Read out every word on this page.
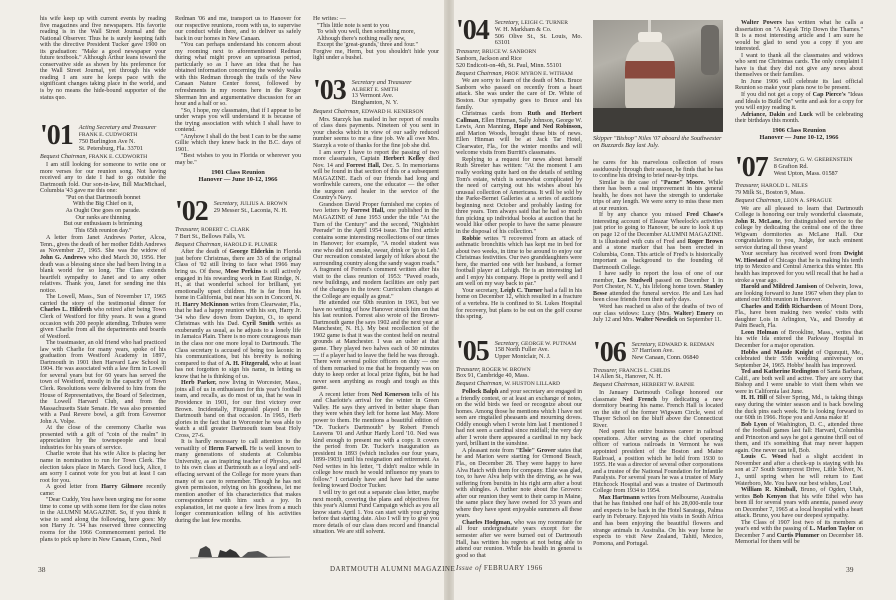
his wife keep up with current events by reading five magazines and five newspapers. His favorite reading is in the Wall Street Journal and the National Observer. Thus he is surely keeping faith with the directive President Tucker gave 1900 on its graduation: "Make a good newspaper your future textbook." Although Arthur leans toward the conservative side as shown by his preference for the Wall Street Journal, yet through his wide reading I am sure he keeps pace with the significant changes taking place in the world, and is by no means the hide-bound supporter of the status quo.

'01 Acting Secretary and Treasurer
FRANK E. CUDWORTH
750 Burlington Ave N.
St. Petersburg, Fla. 33701
Bequest Chairman, FRANK E. CUDWORTH

I am still looking for someone to write one or more verses for our reunion song. Not having received any to date I had to go outside the Dartmouth fold. Our son-in-law, Bill MacMichael, Columbia '43 gave me this one:

"Put on that Dartmouth bonnet
With the Big Chief on it,
As Ought One goes on parade.
Our ranks are thinning
But our enthusiasm is brimming
This 65th reunion day."

A letter from Janet Andrews Porter, Alcoa, Tenn., gives the death of her mother Edith Andrews as November 27, 1965. She was the widow of John G. Andrews who died March 30, 1956. Her death was a blessing since she had been living in a blank world for so long. The Class extends heartfelt sympathy to Janet and to any other relatives. Thank you, Janet for sending me this notice.

The Lowell, Mass., Sun of November 17, 1965 carried the story of the testimonial dinner for Charles L. Hildreth who retired after being Town Clerk of Westford for fifty years. It was a grand occasion with 200 people attending. Tributes were given Charlie from all the departments and boards of Westford.

The toastmaster, an old friend who had practiced law with Charlie for many years, spoke of his graduation from Westford Academy in 1897, Dartmouth in 1901 then Harvard Law School in 1904. He was associated with a law firm in Lowell for several years but for 60 years has served the town of Westford, mostly in the capacity of Town Clerk. Resolutions were delivered to him from the House of Representatives, the Board of Selectmen, the Lowell Harvard Club, and from the Massachusetts State Senate. He was also presented with a Paul Revere bowl, a gift from Governor John A. Volpe.

At the close of the ceremony Charlie was presented with a gift of "coin of the realm" in appreciation by the townspeople and local industries for his years of service.

Charlie wrote that his wife Alice is placing her name in nomination to run for Town Clerk. The election takes place in March. Good luck, Alice, I am sorry I cannot vote for you but at least I can root for you.

A good letter from Harry Gilmore recently came:

"Dear Cuddy, You have been urging me for some time to come up with some item for the class notes in the ALUMNI MAGAZINE. So, if you think it wise to send along the following, here goes: My son Harry Jr. '34 has reserved three connecting rooms for the 1966 Commencement period. He plans to pick up here in New Canaan, Conn., Ned

Redman '06 and me, transport us to Hanover for our respective reunions, room with us, to supervise our conduct while there, and to deliver us safely back in our homes in New Canaan.

"You can perhaps understand his concern about my rooming next to aforementioned Redman during what might prove an uproarious period, particularly so as I have an idea that he has obtained information concerning the weekly walks with this Redman through the trails of the New Canaan Nature Center forest, followed by refreshments in my rooms here in the Roger Sherman Inn and argumentative discussion for an hour and a half or so.

"So, I hope, my classmates, that if I appear to be under wraps you will understand it is because of the trying association with which I shall have to contend.

"Anyhow I shall do the best I can to be the same Gillie which they knew back in the B.C. days of 1901.

"Best wishes to you in Florida or wherever you may be."

1901 Class Reunion
Hanover — June 10-12, 1966
'02 Secretary, JULIUS A. BROWN
29 Messer St., Laconia, N. H.
Treasurer, ROBERT C. CLARK
7 Burt St., Bellows Falls, Vt.
Bequest Chairman, HAROLD E. PLUMER

After the death of George Elderkin in Florida just before Christmas, there are 33 of the original Class of '02 still living to face what 1966 may bring us. Of these, Mose Perkins is still actively engaged in his rewarding work in East Rindge, N. H., at that wonderful school for brilliant, yet emotionally upset children. He is far from his home in California, but near his son in Concord, N. H. Harry McKinnon writes from Clearwater, Fla., that he had a happy reunion with his son, Harry Jr. '34 who flew down from Dayton, O., to spend Christmas with his Dad. Cyril Smith writes as exuberantly as usual, as he adjusts to a lonely life in Jamaica Plain. There is no more courageous man in the class nor one more loyal to Dartmouth. The Class secretary is accused of being too laconic in his communications, but his brevity is nothing compared to that of A. H. Fitzgerald, who at least has not forgotten to sign his name, in letting us know that he is thinking of us.

Herb Parker, now living in Worcester, Mass., joins all of us in enthusiasm for this year's football team, and recalls, as do most of us, that he was in Providence in 1901, for our first victory over Brown. Incidentally, Fitzgerald played in the Dartmouth band on that occasion. In 1965, Herb glories in the fact that in Worcester he was able to watch a still greater Dartmouth team beat Holy Cross, 27-6.

It is hardly necessary to call attention to the versatility of Herm Farwell. He is well known to many generations of students at Columbia University, as an inspiring teacher of Physics, and to his own class at Dartmouth as a loyal and self-effacing servant of the College for more years than many of us care to remember. Though he has not given permission, relying on his goodness, let me mention another of his characteristics that makes correspondence with him such a joy. In explanation, let me quote a few lines from a much longer communication telling of his activities during the last few months.

He writes: —

"This little note is sent to you
To wish you well, then something more,
Although there's nothing really new,
Except the 'great-grands,' three and four."

Forgive me, Herm, but you shouldn't hide your light under a bushel.

'03 Secretary and Treasurer
ALBERT E. SMITH
13 Vermont Ave.
Binghamton, N. Y.
Bequest Chairman, EDWARD H. KENERSON

Mrs. Starzyk has mailed in her report of results of class dues payments. Nineteen of you sent in your checks which in view of our sadly reduced number seems to me a fine job. We all owe Mrs. Starzyk a vote of thanks for the fine job she did.

I am sorry I have to report the passing of two more classmates, Captain Herbert Kelley died Nov. 14 and Forrest Hall, Dec. 5. In memoriams will be found in that section of this or a subsequent MAGAZINE. Each of our friends had long and worthwhile careers, one the educator — the other the surgeon and healer in the service of the Country's Navy.

Grandson David Proper furnished me copies of two letters by Forrest Hall, one published in the MAGAZINE of June 1953 under the title "At the Turn of the Century" and the second, "Nightshirt Peerade" in the April 1954 issue. The first article contains some interesting recollections of our times in Hanover; for example, "A model student was one who did not smoke, swear, drink or 'go to Leb.' Our recreation consisted largely of hikes about the surrounding country along the sandy wagon roads." A fragment of Forrest's comment written after his visit to the class reunion of 1953: "Paved roads, new buildings, and modern facilities are only part of the changes in the town: Curriculum changes at the College are equally as great."

He attended our 60th reunion in 1963, but we have no writing of how Hanover struck him on that his last reunion. Forrest also wrote of the Brown-Dartmouth game (he says 1902 and the next year at Manchester, N. H.). My best recollection of the 1902 game is that it was the contest held on neutral grounds at Manchester. I was an usher at that game. They played two halves each of 30 minutes — if a player had to leave the field he was through. There were several police officers on duty — one of them remarked to me that he frequently was on duty to keep order at local prize fights, but he had never seen anything as rough and tough as this game.

A recent letter from Ned Kenerson tells of his and Charlotte's arrival for the winter in Green Valley. He says they arrived in better shape than they were when they left for home last May. More power to them. He mentions a beautiful edition of "Dr. Tucker's Dartmouth" by Robert French Leavens '01 and Arthur Hardy Lord '10. Ned was kind enough to present me with a copy. It covers the period from Dr. Tucker's inauguration as president in 1893 (which includes our four years, 1899-1903) until his resignation and retirement. As Ned writes in his letter, "I didn't realize while in college how much he would influence my years to follow." I certainly have and have had the same feeling toward Doctor Tucker.

I will try to get out a separate class letter, maybe next month, covering the plans and objectives for this year's Alumni Fund Campaign which as you all know starts April 1. You can start with your giving before that starting date. Also I will try to give you more details of our class dues record and financial situation. We are still solvent.

38	DARTMOUTH ALUMNI MAGAZINE
'04 Secretary, LEIGH C. TURNER
W. H. Markham & Co.
506 Olive St., St. Louis, Mo. 63101
Treasurer, BRUCE W. SANBORN
Sanborn, Jackson and Rice
520 Endicott-on-4th, St. Paul, Minn. 55101
Bequest Chairman, PROF. MYRON E. WITHAM

We are sorry to learn of the death of Mrs. Bruce Sanborn who passed on recently from a heart attack. She was under the care of Dr. White of Boston. Our sympathy goes to Bruce and his family.

Christmas cards from Ruth and Herbert Callman, Ellen Hinman, Sally Johnson, George W. Lewis, Ann Manning, Hope and Ned Robinson, and Marion Woods, brought these bits of news. Ellen Hinman will be at Jack Tar Hotel, Clearwater, Fla., for the winter months and will welcome visits from Burritt's classmates.

Replying to a request for news about herself Ruth Streeter has written: "At the moment I am really working quite hard on the details of settling Tom's estate, which is somewhat complicated by the need of carrying out his wishes about his unusual collection of Americana. It will be sold by the Parke-Bernet Galleries at a series of auctions beginning next October and probably lasting for three years. Tom always said that he had so much fun picking up individual books at auction that he would like other people to have the same pleasure in the disposal of his collection."

Robbie writes "I recovered from an attack of asthmatic bronchitis which has kept me in bed for about two weeks, in time to be around to enjoy our Christmas festivities. Our two granddaughters were here, the married one with her husband, a former football player at Lehigh. He is an interesting lad and I enjoy his company. Hope is pretty well and I am well on my way back to par."

Your secretary, Leigh C. Turner had a fall in his home on December 12, which resulted in a fracture of a vertebra. He is confined to St. Lukes Hospital for recovery, but plans to be out on the golf course this spring.

'05 Secretary, GEORGE W. PUTNAM
158 North Fuller Ave.
Upper Montclair, N. J.
Treasurer, ROGER W. BROWN
Box 91, Cambridge 40, Mass.
Bequest Chairman, W. HUSTON LILLARD

Pollock Balph and your secretary are engaged in a friendly contest, or at least an exchange of notes, on the wild birds we feed or recognize about our homes. Among those he mentions which I have not seen are ringtailed pheasants and mourning doves. Oddly enough when I wrote him last I mentioned I had not seen a cardinal since midfall; the very day after I wrote there appeared a cardinal in my back yard, brilliant in the sunshine.

A pleasant note from "Elsie" Grover states that he and Marion were starting for Ormond Beach, Fla., on December 28. They were happy to have Alva Hatch with them for company. Elsie was glad, too, to have Alva help with the driving, as he was suffering from bursitis in his right arm after a bout with shingles. A further note about the Grovers: after our reunion they went to their camp in Maine, the same place they have owned for 33 years and where they have spent enjoyable summers all these years.

Charles Hodgman, who was my roommate for all four undergraduate years except for the semester after we were burned out of Dartmouth Hall, has written his regrets at not being able to attend our reunion. While his health in general is good so that

Issue of FEBRUARY 1966
Skipper "Bishop" Niles '07 aboard the Southwester on Buzzards Bay last July.

he cares for his marvelous collection of roses assiduously through their season, he finds that he has to confine his driving to brief near-by trips.

Similar is the case of "Pacne" Moore. While there has been a real improvement in his general health, he does not have the strength to undertake trips of any length. We were sorry to miss these men at our reunion.

If by any chance you missed Fred Chase's interesting account of Eleazar Wheelock's activities just prior to going to Hanover, be sure to look it up on page 12 of the December ALUMNI MAGAZINE. It is illustrated with cuts of Fred and Roger Brown and a stone marker that has been erected in Columbia, Conn. This article of Fred's is historically important as background to the founding of Dartmouth College.

I have sadly to report the loss of one of our member, Les Studwell passed on December 1 in Port Chester, N. Y., his lifelong home town. Stanley Besse attended the funeral service. He and Les had been close friends from their early days.

Word has reached us also of the deaths of two of our class widows: Lucy (Mrs. Walter) Emery on July 12 and Mrs. Walter Newdick on September 11.

'06 Secretary, EDWARD R. REDMAN
37 Harrison Ave.
New Canaan, Conn. 06840
Treasurer, FRANCIS L. CHILDS
14 Allen St., Hanover, N. H.
Bequest Chairman, HERBERT W. BAINIE

In January Dartmouth College honored our classmate Ned French by dedicating a new dormitory bearing his name. French Hall is located on the site of the former Wigwam Circle, west of Thayer School on the bluff above the Connecticut River.

Ned spent his entire business career in railroad operations. After serving as the chief operating officer of various railroads in Vermont he was appointed president of the Boston and Maine Railroad, a position which he held from 1930 to 1955. He was a director of several other corporations and a trustee of the National Foundation for Infantile Paralysis. For several years he was a trustee of Mary Hitchcock Hospital and was a trustee of Dartmouth College from 1934 to 1954.

Max Hartmann writes from Melbourne, Australia that he has finished one half of his 28,000-mile tour and expects to be back in the Hotel Saratoga, Palma early in February. Enjoyed his visits in South Africa and has been enjoying the beautiful flowers and strange animals in Australia. On his way home he expects to visit New Zealand, Tahiti, Mexico, Pomona, and Portugal.

Walter Powers has written what he calls a dissertation on "A Kayak Trip Down the Thames." It is a most interesting article and I am sure he would be glad to send you a copy if you are interested.

I want to thank all the classmates and widows who sent me Christmas cards. The only complaint I have is that they did not give any news about themselves or their families.

In June 1906 will celebrate its last official Reunion so make your plans now to be present.

If you did not get a copy of Cap Pierce's "Ideas and Ideals to Build On" write and ask for a copy for you will enjoy reading it.

Adriance, Dakin and Luck will be celebrating their birthdays this month.

1906 Class Reunion
Hanover — June 10-12, 1966
'07 Secretary, G. W. GREBENSTEIN
8 Grafton Rd.
West Upton, Mass. 01587
Treasurer, HAROLD L. NILES
79 Milk St., Boston 9, Mass.
Bequest Chairman, LEON A. SPRAGUE

We are all pleased to learn that Dartmouth College is honoring our truly wonderful classmate, John R. McLane, for distinguished service to the college by dedicating the central one of the three Wigwam dormitories as McLane Hall. Our congratulations to you, Judge, for such eminent service during all these years!

Your secretary has received word from Dwight W. Hiestand of Chicago that he is making his tenth trip to Mexico and Central America this winter. His health has improved for you will recall that he had a stroke a year ago.

Harold and Mildred Jamison of Oelwein, Iowa, are looking forward to June 1967 when they plan to attend our 60th reunion in Hanover.

Charles and Edith Richardson of Mount Dora, Fla., have been making two weeks' visits with daughter Lois in Arlington, Va., and Dorothy at Palm Beach, Fla.

Leon Holman of Brookline, Mass., writes that his wife Ida entered the Parkway Hospital in December for a major operation.

Hobbs and Maude Knight of Ogunquit, Me., celebrated their 55th wedding anniversary on September 24, 1965. Hobbs' health has improved.

Ted and Katherine Redington of Santa Barbara, Calif., are both well and active. They are sorry that Bishop and I were unable to visit them when we were in California last June.

H. H. Hill of Silver Spring, Md., is taking things easy during the winter season and is back bowling the duck pins each week. He is looking forward to our 60th in 1966. Hope you and Anna make it!

Bob Lyon of Washington, D. C., attended three of the football games last fall: Harvard, Columbia and Princeton and says he got a genuine thrill out of them, and it's something that may never happen again. One never can tell, Bob.

Louis C. Wood had a slight accident in November and after a check-up is staying with his son at 27 South Sunnycrest Drive, Little Silver, N. J., until spring when he will return to East Waterboro, Me. You have our best wishes, Lou!

William R. Kimball, Bruno, of Ogden, Utah, writes Bob Kenyon that his wife Ethel who has been ill for several years with anemia, passed away on December 7, 1965 at a local hospital with a heart attack. Bruno, you have our deepest sympathy.

The Class of 1907 lost two of its members at year's end with the passing of L. Marlon Taylor on December 7 and Curtis Plummer on December 18. Memorial for them will be

39
